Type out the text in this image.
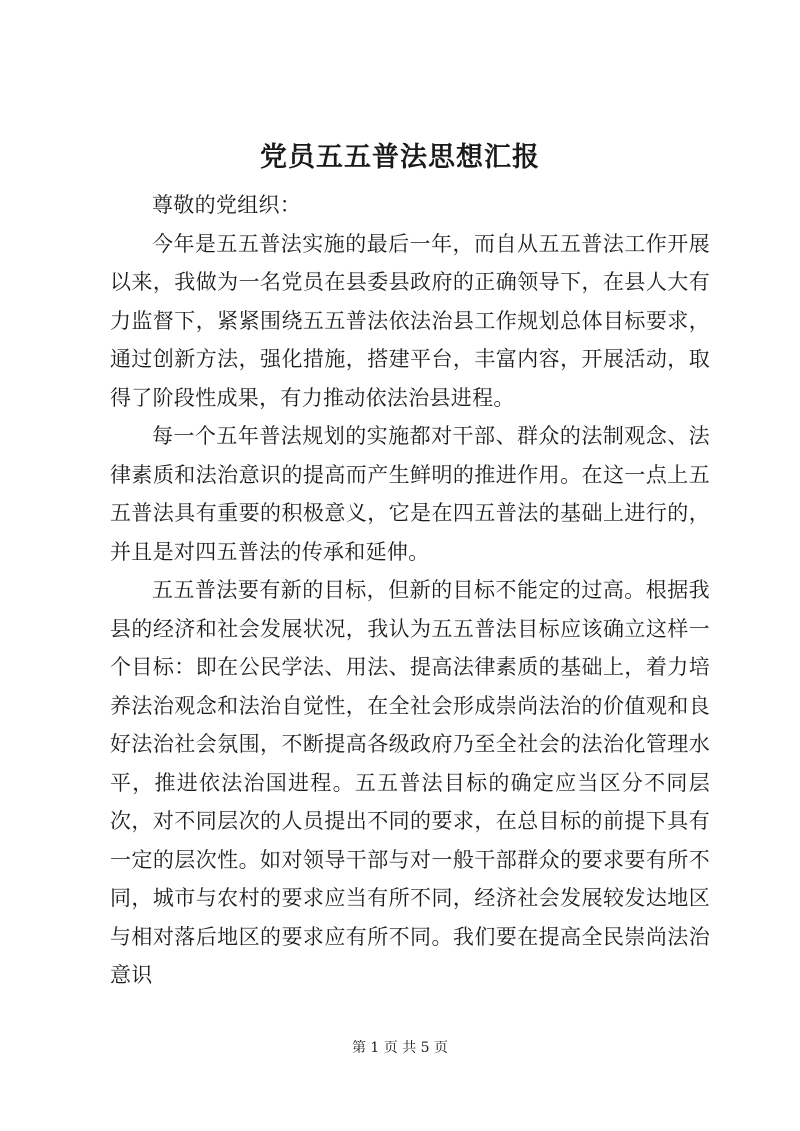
党员五五普法思想汇报

尊敬的党组织：

今年是五五普法实施的最后一年，而自从五五普法工作开展以来，我做为一名党员在县委县政府的正确领导下，在县人大有力监督下，紧紧围绕五五普法依法治县工作规划总体目标要求，通过创新方法，强化措施，搭建平台，丰富内容，开展活动，取得了阶段性成果，有力推动依法治县进程。

每一个五年普法规划的实施都对干部、群众的法制观念、法律素质和法治意识的提高而产生鲜明的推进作用。在这一点上五五普法具有重要的积极意义，它是在四五普法的基础上进行的，并且是对四五普法的传承和延伸。

五五普法要有新的目标，但新的目标不能定的过高。根据我县的经济和社会发展状况，我认为五五普法目标应该确立这样一个目标：即在公民学法、用法、提高法律素质的基础上，着力培养法治观念和法治自觉性，在全社会形成崇尚法治的价值观和良好法治社会氛围，不断提高各级政府乃至全社会的法治化管理水平，推进依法治国进程。五五普法目标的确定应当区分不同层次，对不同层次的人员提出不同的要求，在总目标的前提下具有一定的层次性。如对领导干部与对一般干部群众的要求要有所不同，城市与农村的要求应当有所不同，经济社会发展较发达地区与相对落后地区的要求应有所不同。我们要在提高全民崇尚法治意识

第 1 页 共 5 页
